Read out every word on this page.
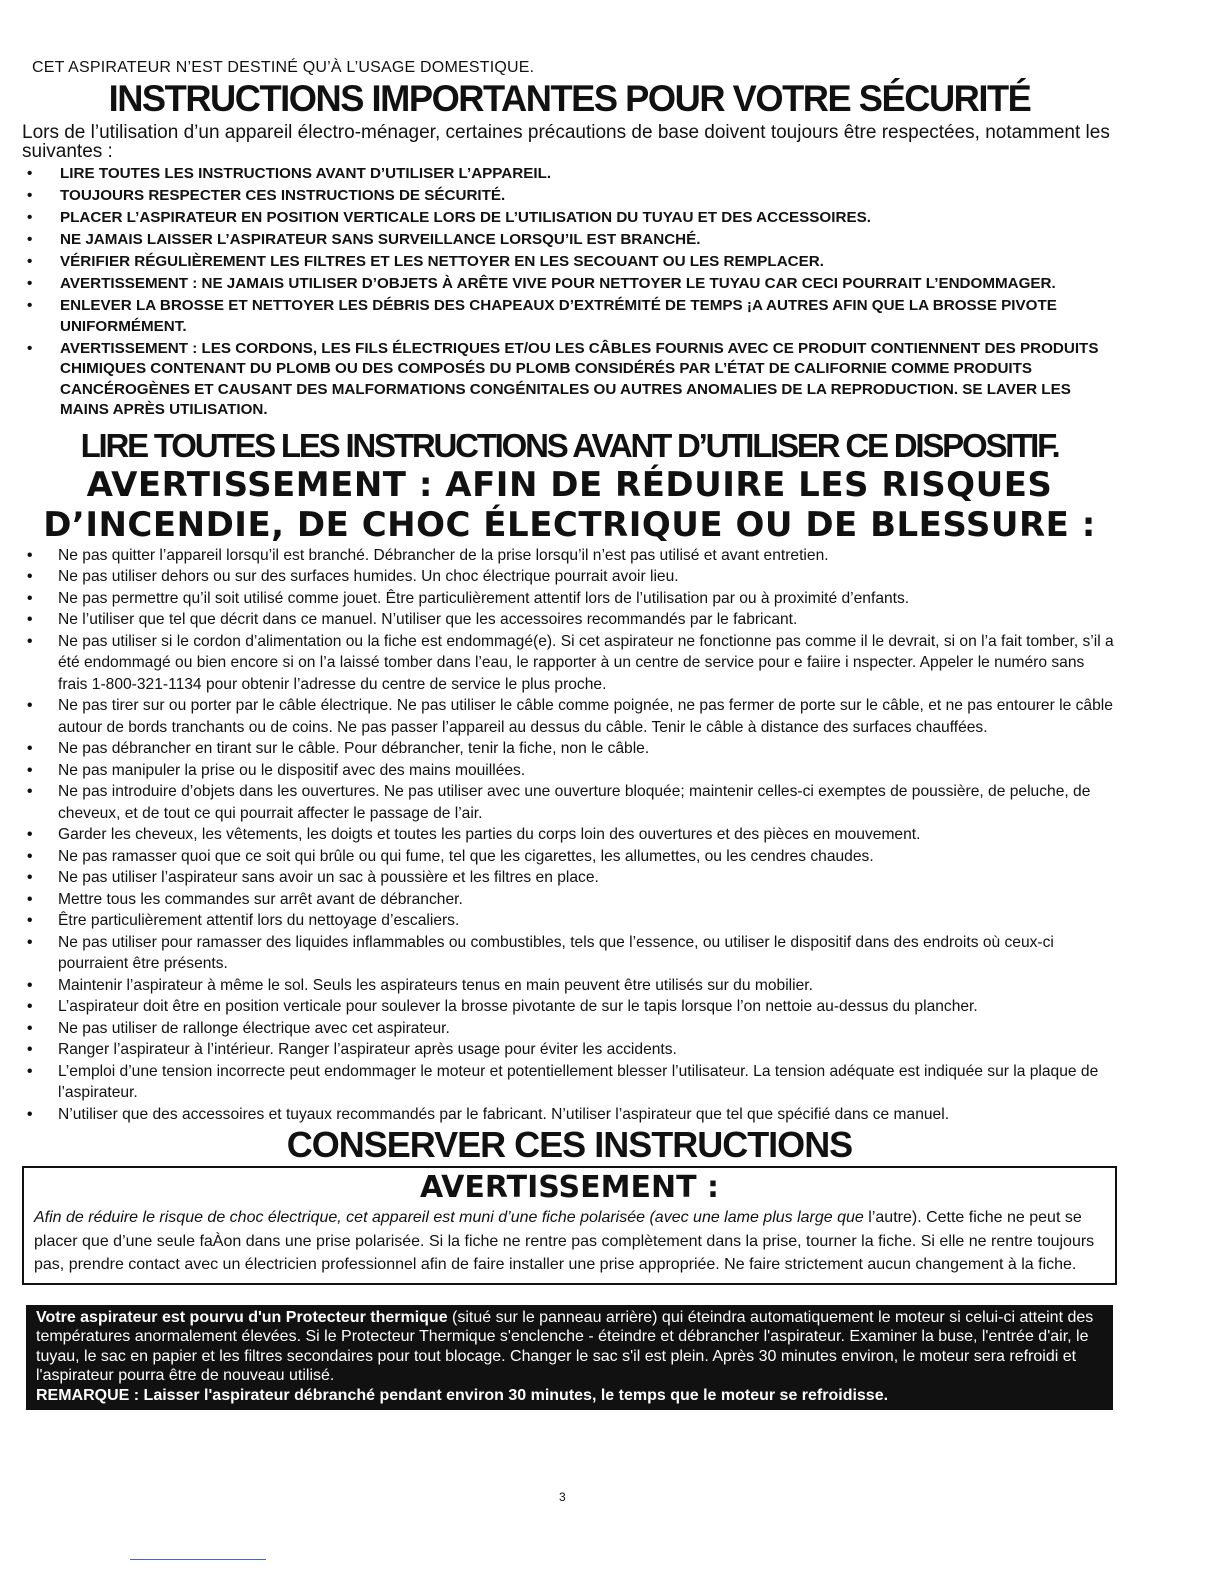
CET ASPIRATEUR N’EST DESTINÉ QU’À L’USAGE DOMESTIQUE.
INSTRUCTIONS IMPORTANTES POUR VOTRE SÉCURITÉ
Lors de l’utilisation d’un appareil électro-ménager, certaines précautions de base doivent toujours être respectées, notamment les suivantes :
• LIRE TOUTES LES INSTRUCTIONS AVANT D’UTILISER L’APPAREIL.
• TOUJOURS RESPECTER CES INSTRUCTIONS DE SÉCURITÉ.
• PLACER L’ASPIRATEUR EN POSITION VERTICALE LORS DE L’UTILISATION DU TUYAU ET DES ACCESSOIRES.
• NE JAMAIS LAISSER L’ASPIRATEUR SANS SURVEILLANCE LORSQU’IL EST BRANCHÉ.
• VÉRIFIER RÉGULIÈREMENT LES FILTRES ET LES NETTOYER EN LES SECOUANT OU LES REMPLACER.
• AVERTISSEMENT : NE JAMAIS UTILISER D’OBJETS À ARÊTE VIVE POUR NETTOYER LE TUYAU CAR CECI POURRAIT L’ENDOMMAGER.
• ENLEVER LA BROSSE ET NETTOYER LES DÉBRIS DES CHAPEAUX D’EXTRÉMITÉ DE TEMPS ¡A AUTRES AFIN QUE LA BROSSE PIVOTE UNIFORMÉMENT.
• AVERTISSEMENT : LES CORDONS, LES FILS ÉLECTRIQUES ET/OU LES CÂBLES FOURNIS AVEC CE PRODUIT CONTIENNENT DES PRODUITS CHIMIQUES CONTENANT DU PLOMB OU DES COMPOSÉS DU PLOMB CONSIDÉRÉS PAR L’ÉTAT DE CALIFORNIE COMME PRODUITS CANCÉROGÈNES ET CAUSANT DES MALFORMATIONS CONGÉNITALES OU AUTRES ANOMALIES DE LA REPRODUCTION. SE LAVER LES MAINS APRÈS UTILISATION.
LIRE TOUTES LES INSTRUCTIONS AVANT D’UTILISER CE DISPOSITIF.
AVERTISSEMENT : AFIN DE RÉDUIRE LES RISQUES
D’INCENDIE, DE CHOC ÉLECTRIQUE OU DE BLESSURE :
• Ne pas quitter l’appareil lorsqu’il est branché. Débrancher de la prise lorsqu’il n’est pas utilisé et avant entretien.
• Ne pas utiliser dehors ou sur des surfaces humides. Un choc électrique pourrait avoir lieu.
• Ne pas permettre qu’il soit utilisé comme jouet. Être particulièrement attentif lors de l’utilisation par ou à proximité d’enfants.
• Ne l’utiliser que tel que décrit dans ce manuel. N’utiliser que les accessoires recommandés par le fabricant.
• Ne pas utiliser si le cordon d’alimentation ou la fiche est endommagé(e). Si cet aspirateur ne fonctionne pas comme il le devrait, si on l’a fait tomber, s’il a été endommagé ou bien encore si on l’a laissé tomber dans l’eau, le rapporter à un centre de service pour e faiire i nspecter. Appeler le numéro sans frais 1-800-321-1134 pour obtenir l’adresse du centre de service le plus proche.
• Ne pas tirer sur ou porter par le câble électrique. Ne pas utiliser le câble comme poignée, ne pas fermer de porte sur le câble, et ne pas entourer le câble autour de bords tranchants ou de coins. Ne pas passer l’appareil au dessus du câble. Tenir le câble à distance des surfaces chauffées.
• Ne pas débrancher en tirant sur le câble. Pour débrancher, tenir la fiche, non le câble.
• Ne pas manipuler la prise ou le dispositif avec des mains mouillées.
• Ne pas introduire d’objets dans les ouvertures. Ne pas utiliser avec une ouverture bloquée; maintenir celles-ci exemptes de poussière, de peluche, de cheveux, et de tout ce qui pourrait affecter le passage de l’air.
• Garder les cheveux, les vêtements, les doigts et toutes les parties du corps loin des ouvertures et des pièces en mouvement.
• Ne pas ramasser quoi que ce soit qui brûle ou qui fume, tel que les cigarettes, les allumettes, ou les cendres chaudes.
• Ne pas utiliser l’aspirateur sans avoir un sac à poussière et les filtres en place.
• Mettre tous les commandes sur arrêt avant de débrancher.
• Être particulièrement attentif lors du nettoyage d’escaliers.
• Ne pas utiliser pour ramasser des liquides inflammables ou combustibles, tels que l’essence, ou utiliser le dispositif dans des endroits où ceux-ci pourraient être présents.
• Maintenir l’aspirateur à même le sol. Seuls les aspirateurs tenus en main peuvent être utilisés sur du mobilier.
• L’aspirateur doit être en position verticale pour soulever la brosse pivotante de sur le tapis lorsque l’on nettoie au-dessus du plancher.
• Ne pas utiliser de rallonge électrique avec cet aspirateur.
• Ranger l’aspirateur à l’intérieur. Ranger l’aspirateur après usage pour éviter les accidents.
• L’emploi d’une tension incorrecte peut endommager le moteur et potentiellement blesser l’utilisateur. La tension adéquate est indiquée sur la plaque de l’aspirateur.
• N’utiliser que des accessoires et tuyaux recommandés par le fabricant. N’utiliser l’aspirateur que tel que spécifié dans ce manuel.
CONSERVER CES INSTRUCTIONS
AVERTISSEMENT :
Afin de réduire le risque de choc électrique, cet appareil est muni d’une fiche polarisée (avec une lame plus large que l’autre). Cette fiche ne peut se placer que d’une seule faÀon dans une prise polarisée. Si la fiche ne rentre pas complètement dans la prise, tourner la fiche. Si elle ne rentre toujours pas, prendre contact avec un électricien professionnel afin de faire installer une prise appropriée. Ne faire strictement aucun changement à la fiche.
Votre aspirateur est pourvu d'un Protecteur thermique (situé sur le panneau arrière) qui éteindra automatiquement le moteur si celui-ci atteint des températures anormalement élevées. Si le Protecteur Thermique s'enclenche - éteindre et débrancher l'aspirateur. Examiner la buse, l'entrée d'air, le tuyau, le sac en papier et les filtres secondaires pour tout blocage. Changer le sac s'il est plein. Après 30 minutes environ, le moteur sera refroidi et l'aspirateur pourra être de nouveau utilisé.
REMARQUE : Laisser l'aspirateur débranché pendant environ 30 minutes, le temps que le moteur se refroidisse.
3
